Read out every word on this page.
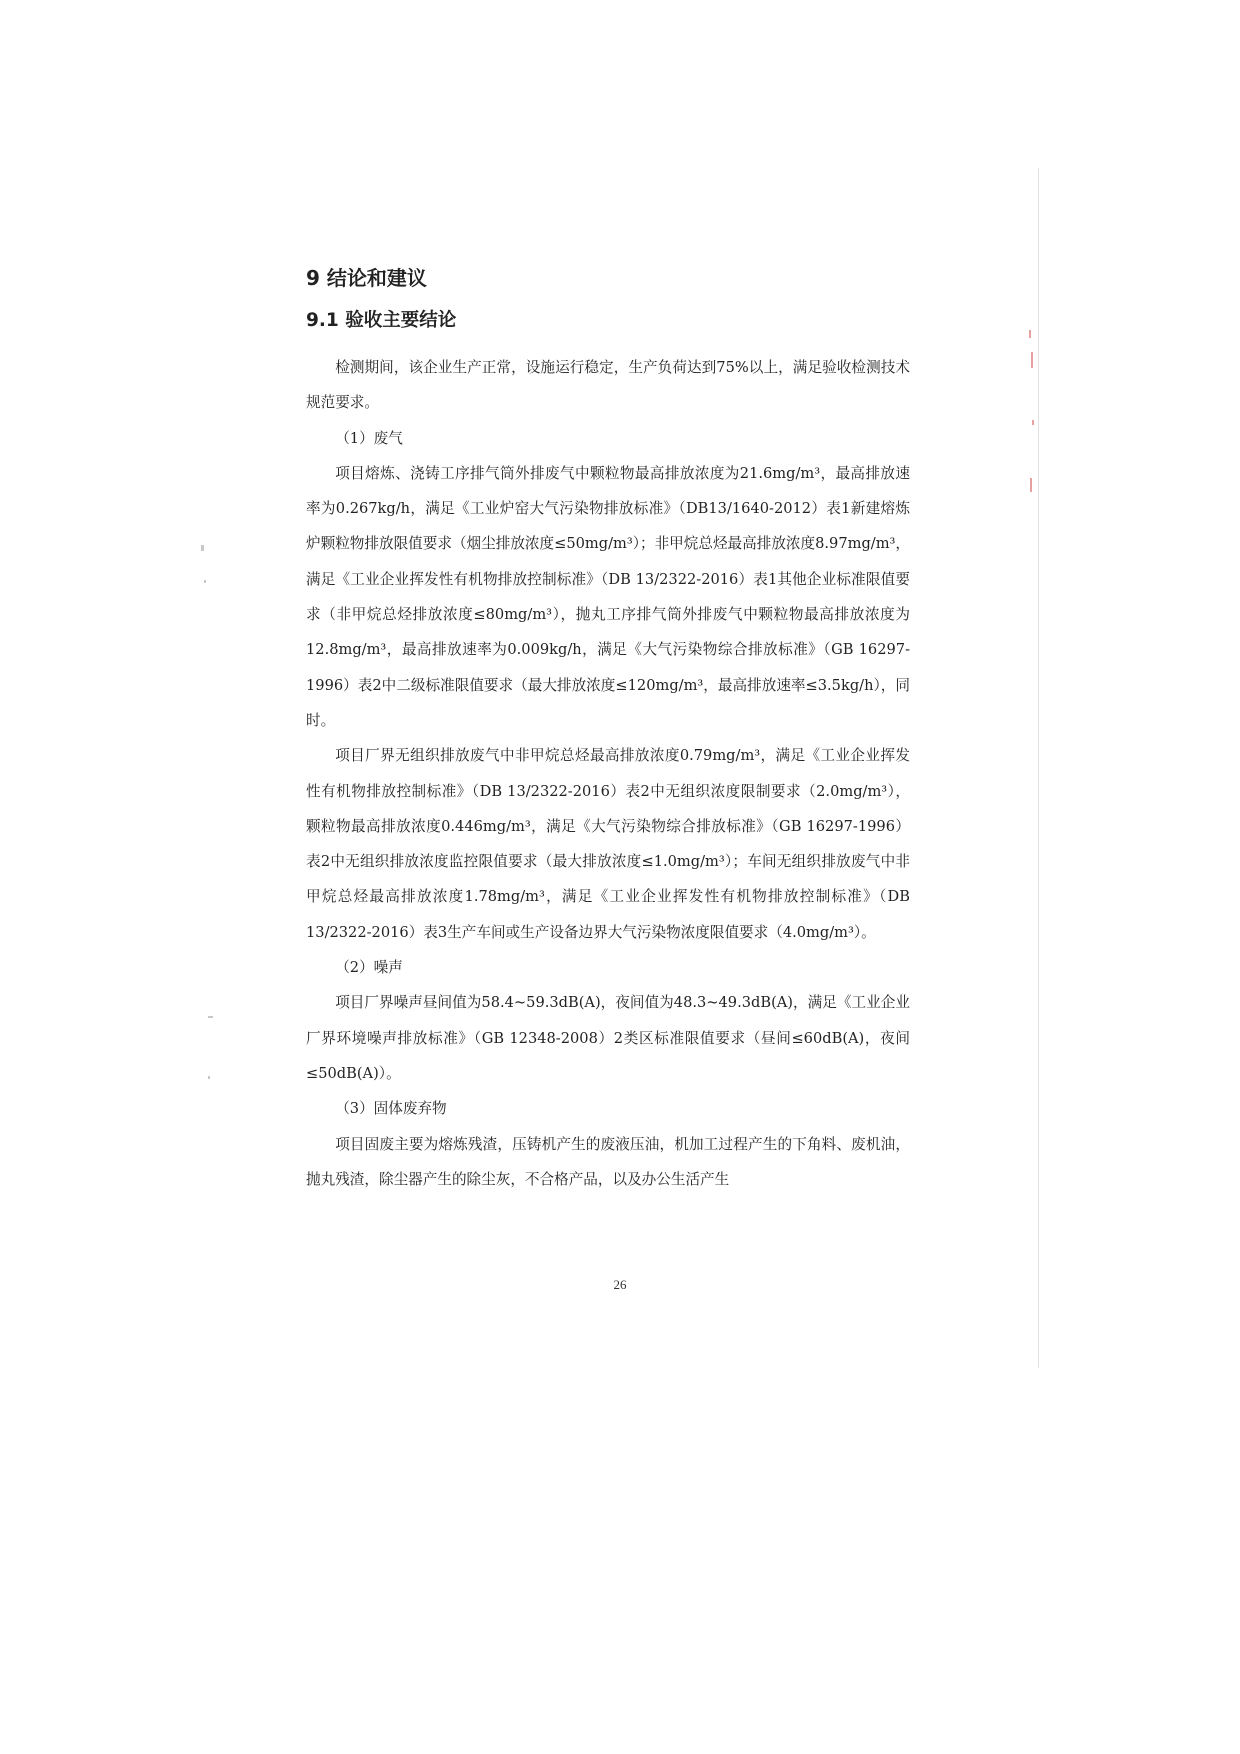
9 结论和建议
9.1 验收主要结论

检测期间，该企业生产正常，设施运行稳定，生产负荷达到75%以上，满足验收检测技术规范要求。

（1）废气

项目熔炼、浇铸工序排气筒外排废气中颗粒物最高排放浓度为21.6mg/m³，最高排放速率为0.267kg/h，满足《工业炉窑大气污染物排放标准》（DB13/1640-2012）表1新建熔炼炉颗粒物排放限值要求（烟尘排放浓度≤50mg/m³）；非甲烷总烃最高排放浓度8.97mg/m³，满足《工业企业挥发性有机物排放控制标准》（DB 13/2322-2016）表1其他企业标准限值要求（非甲烷总烃排放浓度≤80mg/m³），抛丸工序排气筒外排废气中颗粒物最高排放浓度为12.8mg/m³，最高排放速率为0.009kg/h，满足《大气污染物综合排放标准》（GB 16297-1996）表2中二级标准限值要求（最大排放浓度≤120mg/m³，最高排放速率≤3.5kg/h），同时。

项目厂界无组织排放废气中非甲烷总烃最高排放浓度0.79mg/m³，满足《工业企业挥发性有机物排放控制标准》（DB 13/2322-2016）表2中无组织浓度限制要求（2.0mg/m³），颗粒物最高排放浓度0.446mg/m³，满足《大气污染物综合排放标准》（GB 16297-1996）表2中无组织排放浓度监控限值要求（最大排放浓度≤1.0mg/m³）；车间无组织排放废气中非甲烷总烃最高排放浓度1.78mg/m³，满足《工业企业挥发性有机物排放控制标准》（DB 13/2322-2016）表3生产车间或生产设备边界大气污染物浓度限值要求（4.0mg/m³）。

（2）噪声

项目厂界噪声昼间值为58.4~59.3dB(A)，夜间值为48.3~49.3dB(A)，满足《工业企业厂界环境噪声排放标准》（GB 12348-2008）2类区标准限值要求（昼间≤60dB(A)，夜间≤50dB(A)）。

（3）固体废弃物

项目固废主要为熔炼残渣，压铸机产生的废液压油，机加工过程产生的下角料、废机油，抛丸残渣，除尘器产生的除尘灰，不合格产品，以及办公生活产生

26
